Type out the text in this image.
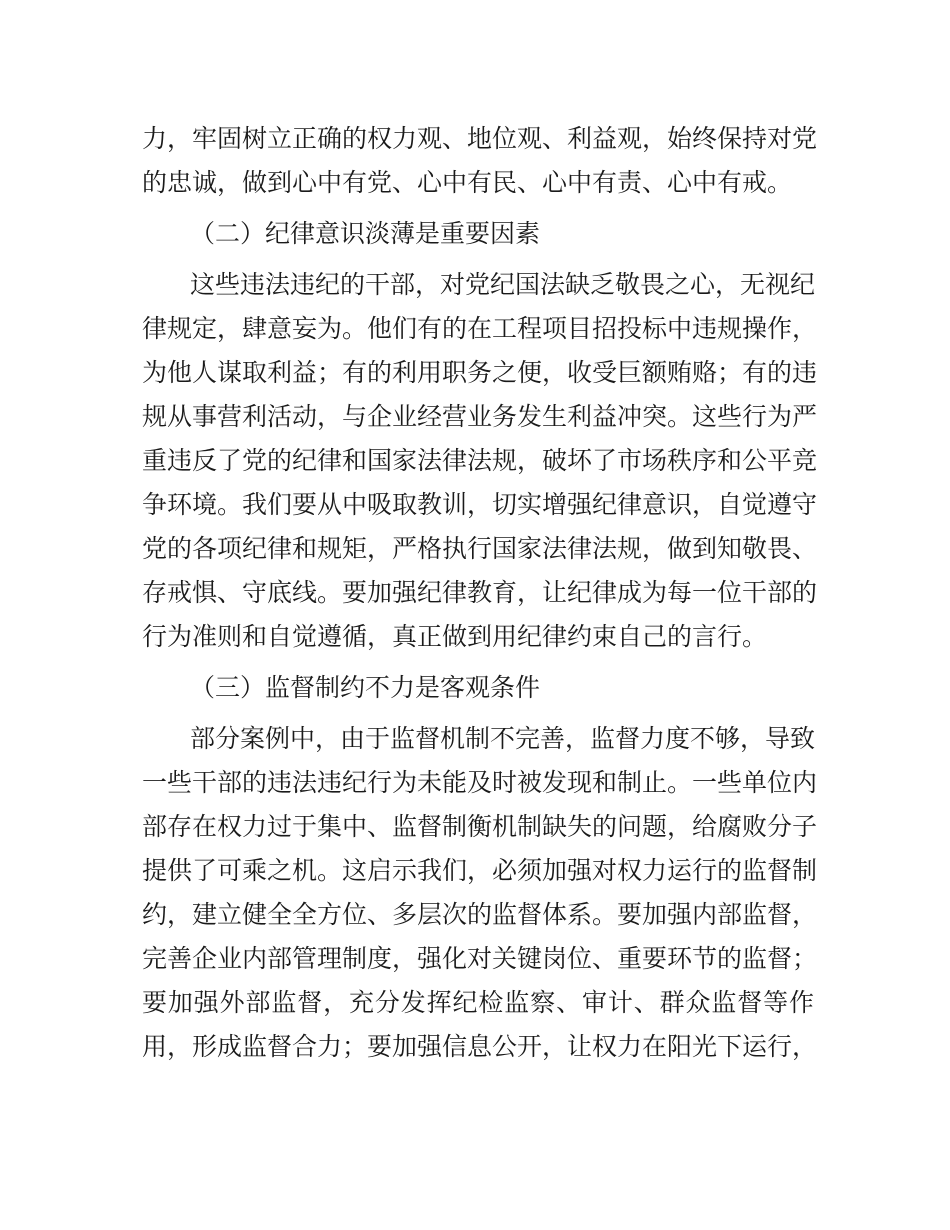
力，牢固树立正确的权力观、地位观、利益观，始终保持对党
的忠诚，做到心中有党、心中有民、心中有责、心中有戒。
（二）纪律意识淡薄是重要因素
这些违法违纪的干部，对党纪国法缺乏敬畏之心，无视纪
律规定，肆意妄为。他们有的在工程项目招投标中违规操作，
为他人谋取利益；有的利用职务之便，收受巨额贿赂；有的违
规从事营利活动，与企业经营业务发生利益冲突。这些行为严
重违反了党的纪律和国家法律法规，破坏了市场秩序和公平竞
争环境。我们要从中吸取教训，切实增强纪律意识，自觉遵守
党的各项纪律和规矩，严格执行国家法律法规，做到知敬畏、
存戒惧、守底线。要加强纪律教育，让纪律成为每一位干部的
行为准则和自觉遵循，真正做到用纪律约束自己的言行。
（三）监督制约不力是客观条件
部分案例中，由于监督机制不完善，监督力度不够，导致
一些干部的违法违纪行为未能及时被发现和制止。一些单位内
部存在权力过于集中、监督制衡机制缺失的问题，给腐败分子
提供了可乘之机。这启示我们，必须加强对权力运行的监督制
约，建立健全全方位、多层次的监督体系。要加强内部监督，
完善企业内部管理制度，强化对关键岗位、重要环节的监督；
要加强外部监督，充分发挥纪检监察、审计、群众监督等作
用，形成监督合力；要加强信息公开，让权力在阳光下运行，
